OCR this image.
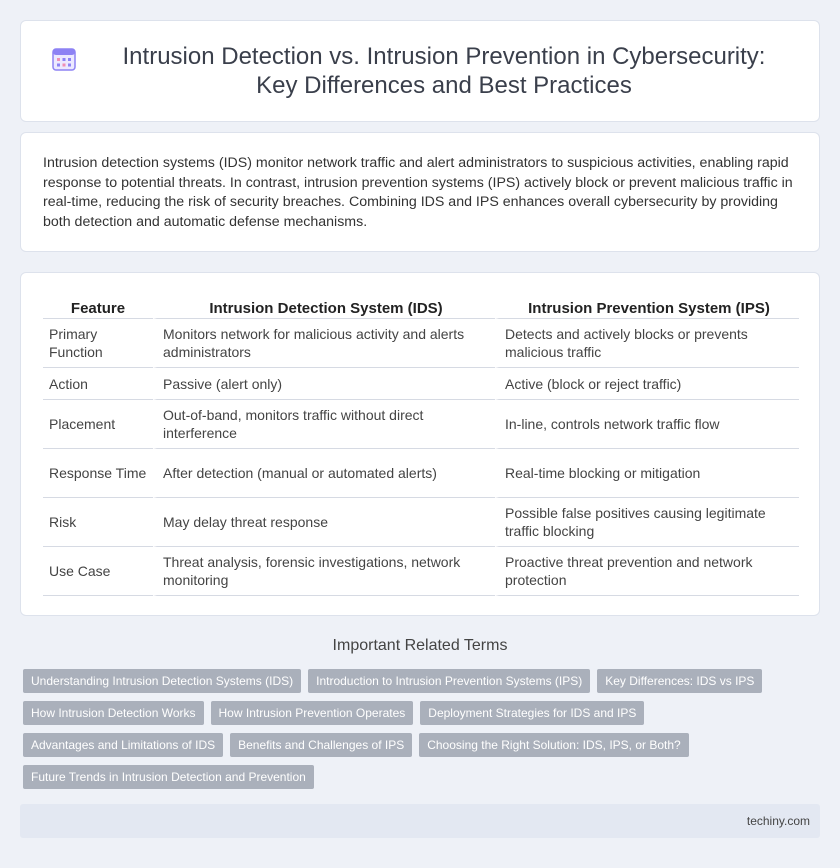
Intrusion Detection vs. Intrusion Prevention in Cybersecurity: Key Differences and Best Practices

Intrusion detection systems (IDS) monitor network traffic and alert administrators to suspicious activities, enabling rapid response to potential threats. In contrast, intrusion prevention systems (IPS) actively block or prevent malicious traffic in real-time, reducing the risk of security breaches. Combining IDS and IPS enhances overall cybersecurity by providing both detection and automatic defense mechanisms.

Feature	Intrusion Detection System (IDS)	Intrusion Prevention System (IPS)
Primary Function	Monitors network for malicious activity and alerts administrators	Detects and actively blocks or prevents malicious traffic
Action	Passive (alert only)	Active (block or reject traffic)
Placement	Out-of-band, monitors traffic without direct interference	In-line, controls network traffic flow
Response Time	After detection (manual or automated alerts)	Real-time blocking or mitigation
Risk	May delay threat response	Possible false positives causing legitimate traffic blocking
Use Case	Threat analysis, forensic investigations, network monitoring	Proactive threat prevention and network protection
Important Related Terms
Understanding Intrusion Detection Systems (IDS)	Introduction to Intrusion Prevention Systems (IPS)	Key Differences: IDS vs IPS
How Intrusion Detection Works	How Intrusion Prevention Operates	Deployment Strategies for IDS and IPS
Advantages and Limitations of IDS	Benefits and Challenges of IPS	Choosing the Right Solution: IDS, IPS, or Both?
Future Trends in Intrusion Detection and Prevention
techiny.com
